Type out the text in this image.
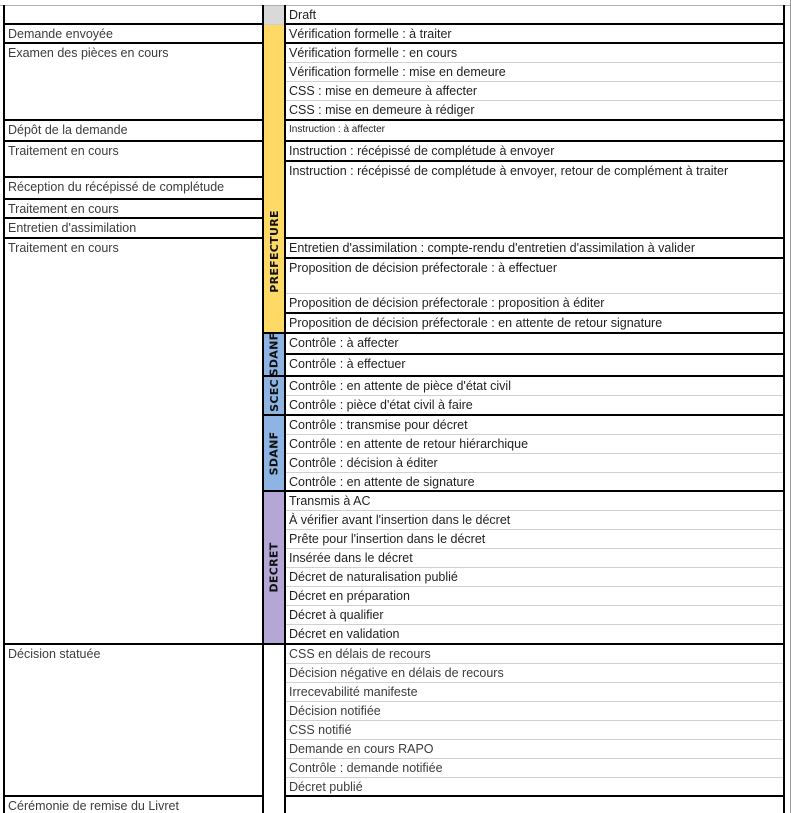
PREFECTURE
SDANF
SCEC
SDANF
DECRET
Demande envoyée
Examen des pièces en cours
Dépôt de la demande
Traitement en cours
Réception du récépissé de complétude
Traitement en cours
Entretien d'assimilation
Traitement en cours
Décision statuée
Cérémonie de remise du Livret
Draft
Vérification formelle : à traiter
Vérification formelle : en cours
Vérification formelle : mise en demeure
CSS : mise en demeure à affecter
CSS : mise en demeure à rédiger
Instruction : à affecter
Instruction : récépissé de complétude à envoyer
Instruction : récépissé de complétude à envoyer, retour de complément à traiter
Entretien d'assimilation : compte-rendu d'entretien d'assimilation à valider
Proposition de décision préfectorale : à effectuer
Proposition de décision préfectorale : proposition à éditer
Proposition de décision préfectorale : en attente de retour signature
Contrôle : à affecter
Contrôle : à effectuer
Contrôle : en attente de pièce d'état civil
Contrôle : pièce d'état civil à faire
Contrôle : transmise pour décret
Contrôle : en attente de retour hiérarchique
Contrôle : décision à éditer
Contrôle : en attente de signature
Transmis à AC
À vérifier avant l'insertion dans le décret
Prête pour l'insertion dans le décret
Insérée dans le décret
Décret de naturalisation publié
Décret en préparation
Décret à qualifier
Décret en validation
CSS en délais de recours
Décision négative en délais de recours
Irrecevabilité manifeste
Décision notifiée
CSS notifié
Demande en cours RAPO
Contrôle : demande notifiée
Décret publié
